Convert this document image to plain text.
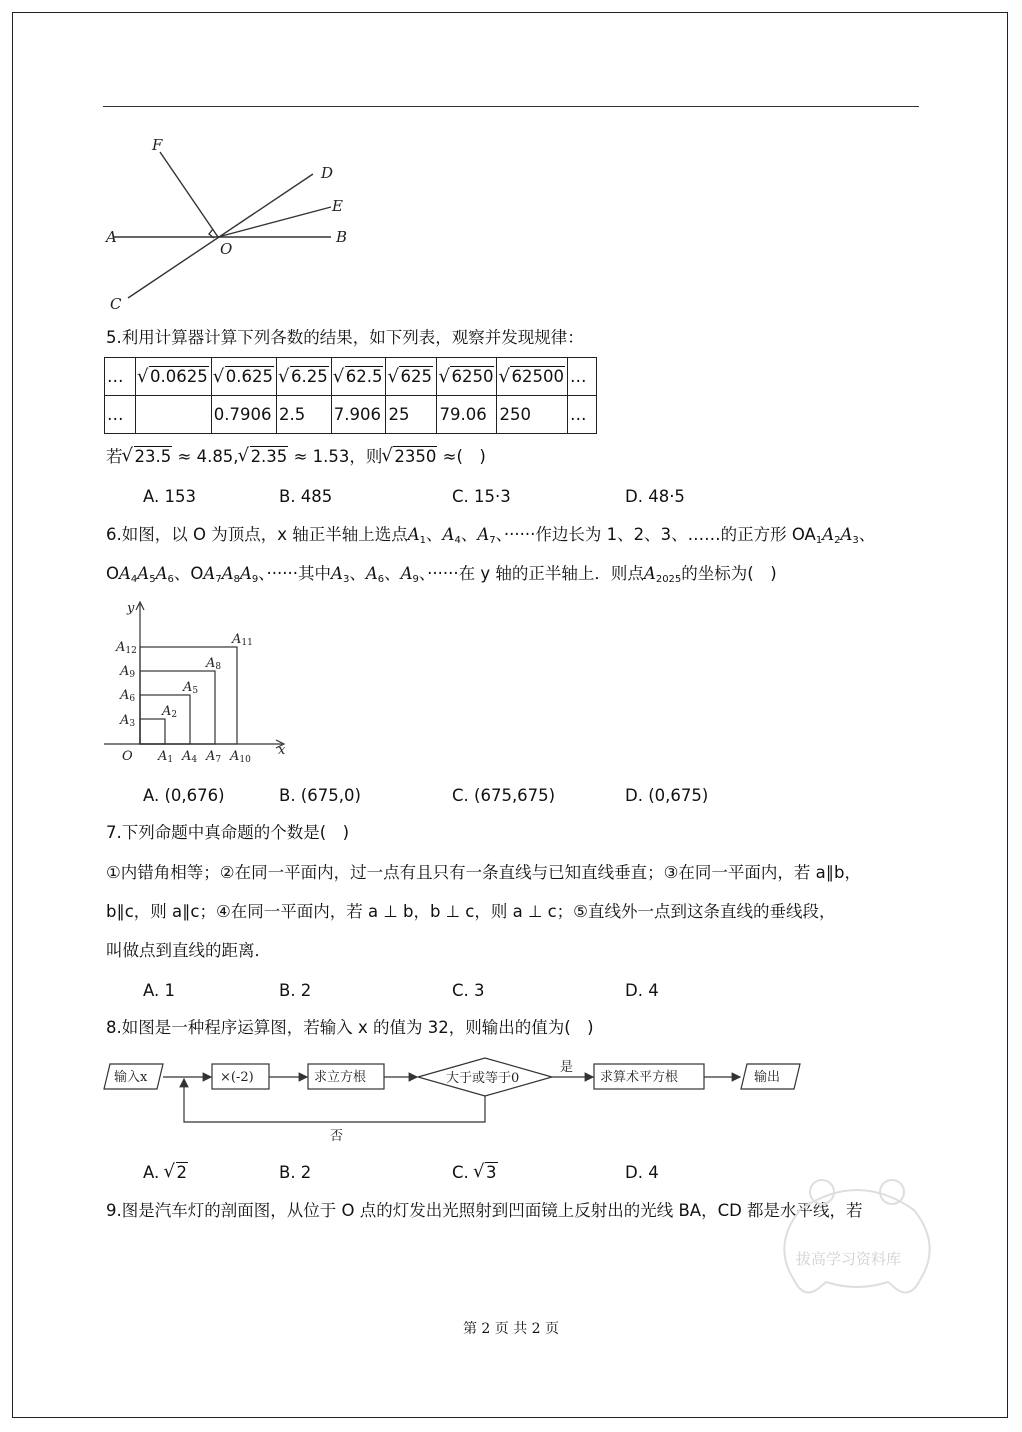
F
D
E
A
O
B
C
5.利用计算器计算下列各数的结果，如下列表，观察并发现规律：
…	√ 0.0625	√ 0.625	√ 6.25	√ 62.5	√ 625	√ 6250	√ 62500	…
…		0.7906	2.5	7.906	25	79.06	250	…
若 √ 23.5 ≈ 4.85, √ 2.35 ≈ 1.53，则 √ 2350 ≈(　)
A. 153	B. 485	C. 15·3	D. 48·5
6.如图，以 O 为顶点，x 轴正半轴上选点$A_1$、$A_4$、$A_7$、······作边长为 1、2、3、……的正方形 $OA_1A_2A_3$、
$OA_4A_5A_6$、$OA_7A_8A_9$、······其中$A_3$、$A_6$、$A_9$、······在 y 轴的正半轴上．则点$A_{2025}$的坐标为(　)
y
A12
A9
A6
A3
A11
A8
A5
A2
O A1 A4 A7 A10
x
A. (0,676)	B. (675,0)	C. (675,675)	D. (0,675)
7.下列命题中真命题的个数是(　)
①内错角相等；②在同一平面内，过一点有且只有一条直线与已知直线垂直；③在同一平面内，若 a∥b，
b∥c，则 a∥c；④在同一平面内，若 a ⊥ b，b ⊥ c，则 a ⊥ c；⑤直线外一点到这条直线的垂线段，
叫做点到直线的距离．
A. 1	B. 2	C. 3	D. 4
8.如图是一种程序运算图，若输入 x 的值为 32，则输出的值为(　)
输入x	×(-2)	求立方根	大于或等于0
是
求算术平方根	输出
否
A. √ 2	B. 2	C. √ 3	D. 4
9.图是汽车灯的剖面图，从位于 O 点的灯发出光照射到凹面镜上反射出的光线 BA，CD 都是水平线，若
拔高学习资料库
第 2 页 共 2 页
